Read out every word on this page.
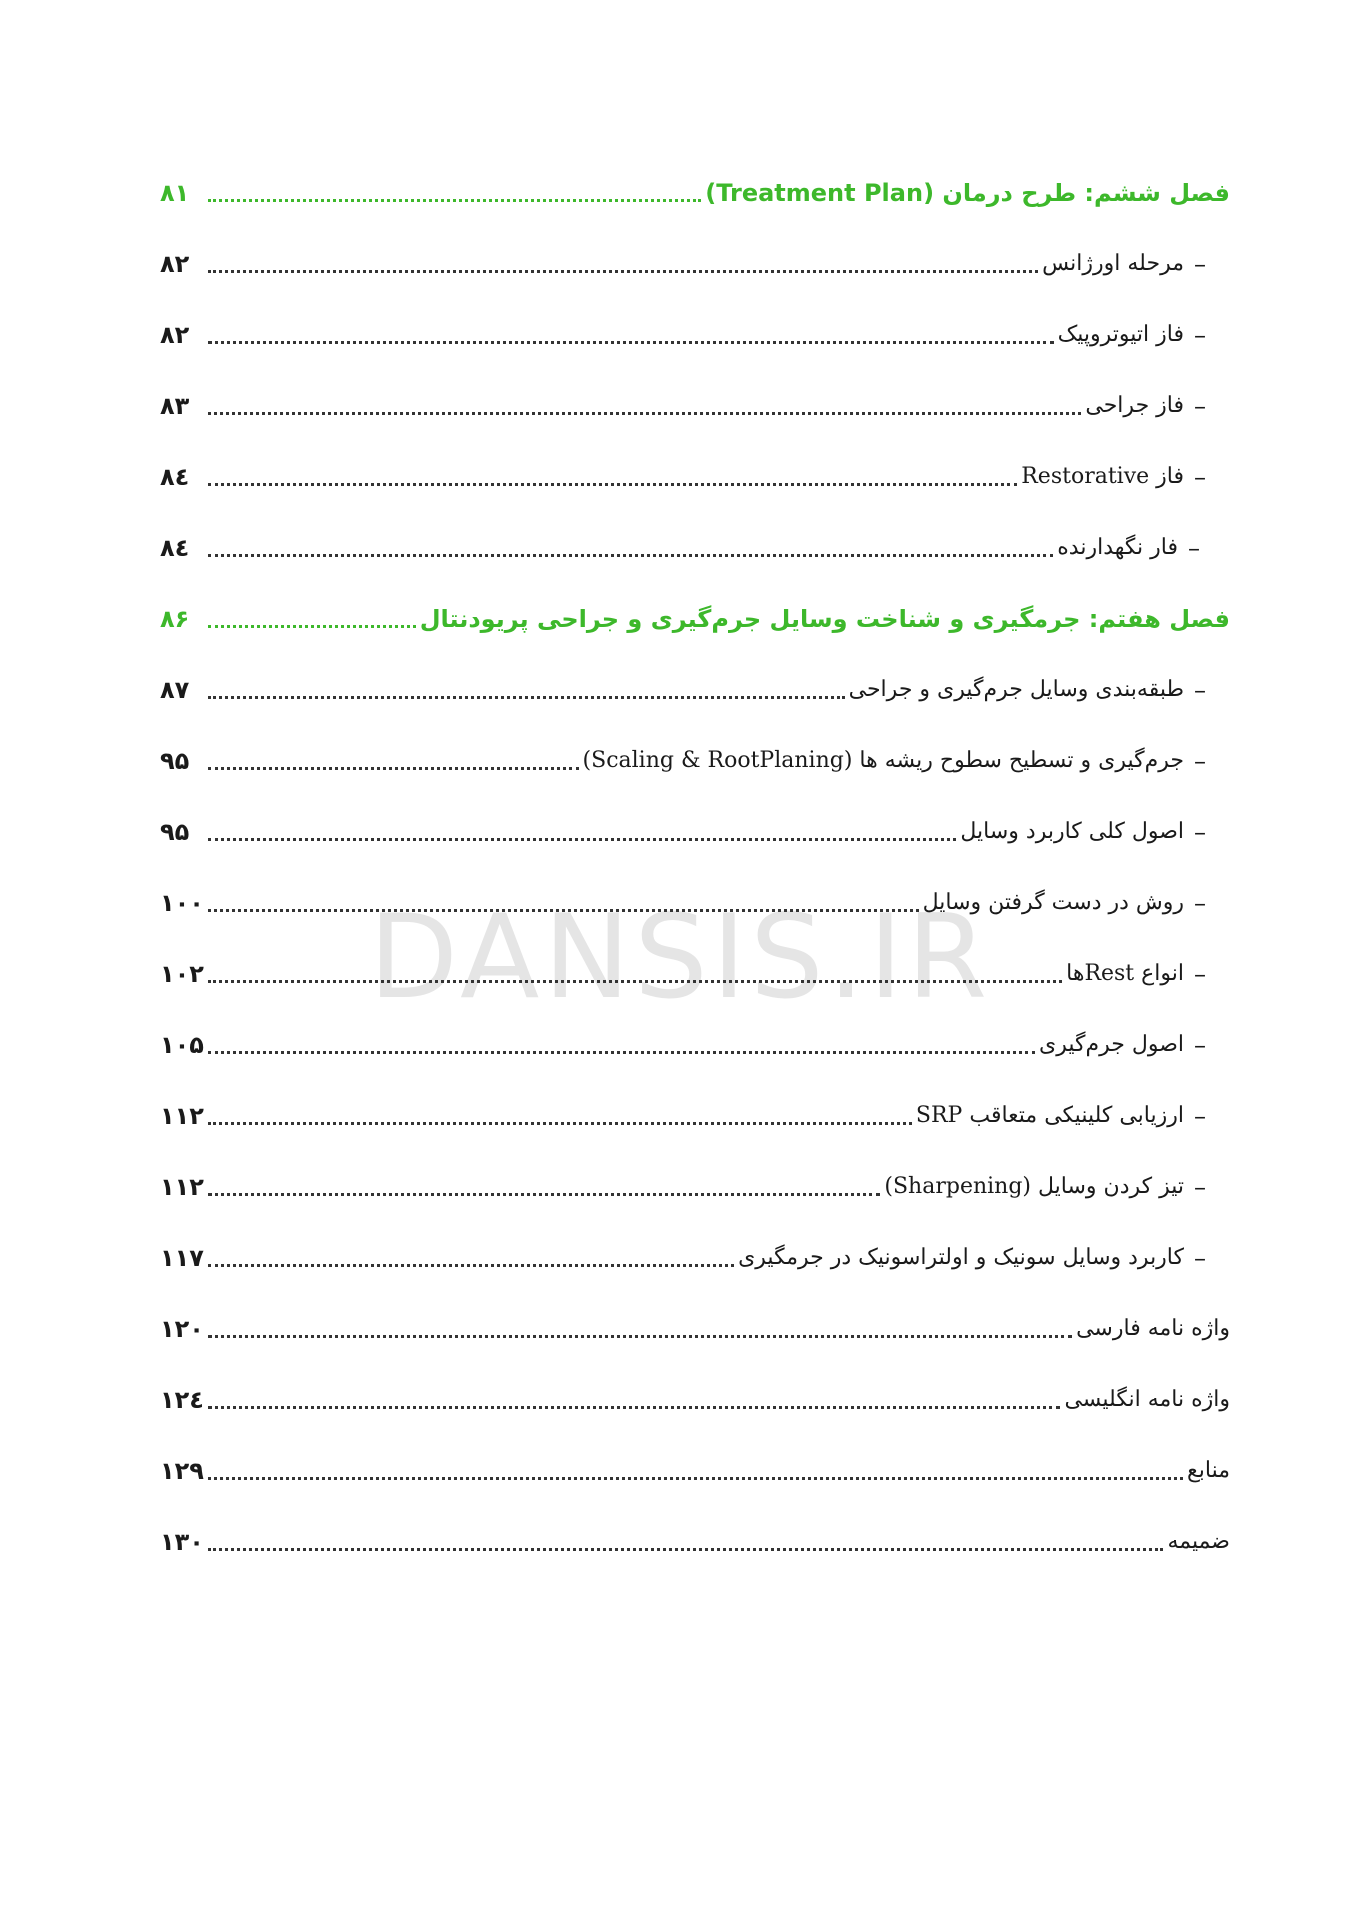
DANSIS.IR
فصل ششم: طرح درمان (Treatment Plan)
۸۱
–
مرحله اورژانس
۸۲
–
فاز اتیوتروپیک
۸۲
–
فاز جراحی
۸۳
–
فاز Restorative
۸٤
–
فار نگهدارنده
۸٤
فصل هفتم: جرمگیری و شناخت وسایل جرم‌گیری و جراحی پریودنتال
۸۶
–
طبقه‌بندی وسایل جرم‌گیری و جراحی
۸۷
–
جرم‌گیری و تسطیح سطوح ریشه ها (Scaling & RootPlaning)
۹۵
–
اصول کلی کاربرد وسایل
۹۵
–
روش در دست گرفتن وسایل
۱۰۰
–
انواع Restها
۱۰۲
–
اصول جرم‌گیری
۱۰۵
–
ارزیابی کلینیکی متعاقب SRP
۱۱۲
–
تیز کردن وسایل (Sharpening)
۱۱۲
–
کاربرد وسایل سونیک و اولتراسونیک در جرمگیری
۱۱۷
واژه نامه فارسی
۱۲۰
واژه نامه انگلیسی
۱۲٤
منابع
۱۲۹
ضمیمه
۱۳۰
